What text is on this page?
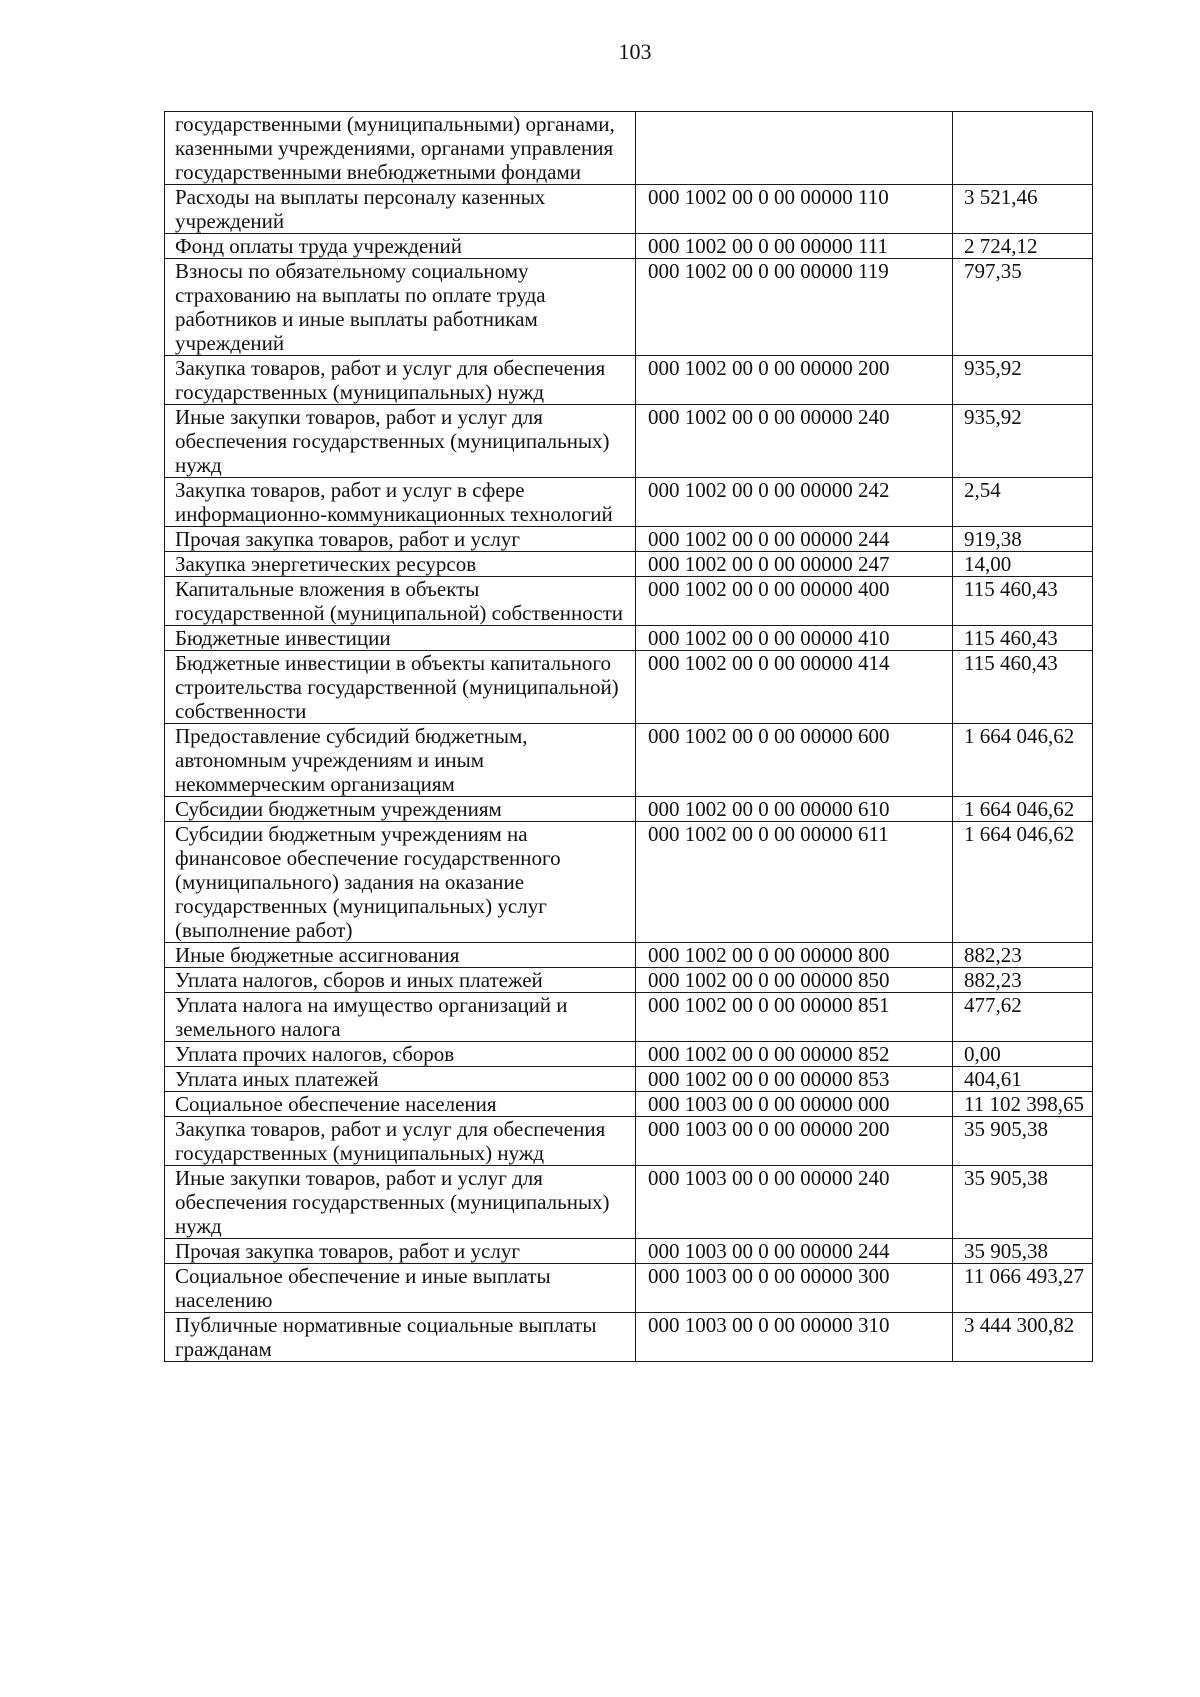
103
государственными (муниципальными) органами, казенными учреждениями, органами управления государственными внебюджетными фондами		
Расходы на выплаты персоналу казенных учреждений	000 1002 00 0 00 00000 110	3 521,46
Фонд оплаты труда учреждений	000 1002 00 0 00 00000 111	2 724,12
Взносы по обязательному социальному страхованию на выплаты по оплате труда работников и иные выплаты работникам учреждений	000 1002 00 0 00 00000 119	797,35
Закупка товаров, работ и услуг для обеспечения государственных (муниципальных) нужд	000 1002 00 0 00 00000 200	935,92
Иные закупки товаров, работ и услуг для обеспечения государственных (муниципальных) нужд	000 1002 00 0 00 00000 240	935,92
Закупка товаров, работ и услуг в сфере информационно-коммуникационных технологий	000 1002 00 0 00 00000 242	2,54
Прочая закупка товаров, работ и услуг	000 1002 00 0 00 00000 244	919,38
Закупка энергетических ресурсов	000 1002 00 0 00 00000 247	14,00
Капитальные вложения в объекты государственной (муниципальной) собственности	000 1002 00 0 00 00000 400	115 460,43
Бюджетные инвестиции	000 1002 00 0 00 00000 410	115 460,43
Бюджетные инвестиции в объекты капитального строительства государственной (муниципальной) собственности	000 1002 00 0 00 00000 414	115 460,43
Предоставление субсидий бюджетным, автономным учреждениям и иным некоммерческим организациям	000 1002 00 0 00 00000 600	1 664 046,62
Субсидии бюджетным учреждениям	000 1002 00 0 00 00000 610	1 664 046,62
Субсидии бюджетным учреждениям на финансовое обеспечение государственного (муниципального) задания на оказание государственных (муниципальных) услуг (выполнение работ)	000 1002 00 0 00 00000 611	1 664 046,62
Иные бюджетные ассигнования	000 1002 00 0 00 00000 800	882,23
Уплата налогов, сборов и иных платежей	000 1002 00 0 00 00000 850	882,23
Уплата налога на имущество организаций и земельного налога	000 1002 00 0 00 00000 851	477,62
Уплата прочих налогов, сборов	000 1002 00 0 00 00000 852	0,00
Уплата иных платежей	000 1002 00 0 00 00000 853	404,61
Социальное обеспечение населения	000 1003 00 0 00 00000 000	11 102 398,65
Закупка товаров, работ и услуг для обеспечения государственных (муниципальных) нужд	000 1003 00 0 00 00000 200	35 905,38
Иные закупки товаров, работ и услуг для обеспечения государственных (муниципальных) нужд	000 1003 00 0 00 00000 240	35 905,38
Прочая закупка товаров, работ и услуг	000 1003 00 0 00 00000 244	35 905,38
Социальное обеспечение и иные выплаты населению	000 1003 00 0 00 00000 300	11 066 493,27
Публичные нормативные социальные выплаты гражданам	000 1003 00 0 00 00000 310	3 444 300,82
